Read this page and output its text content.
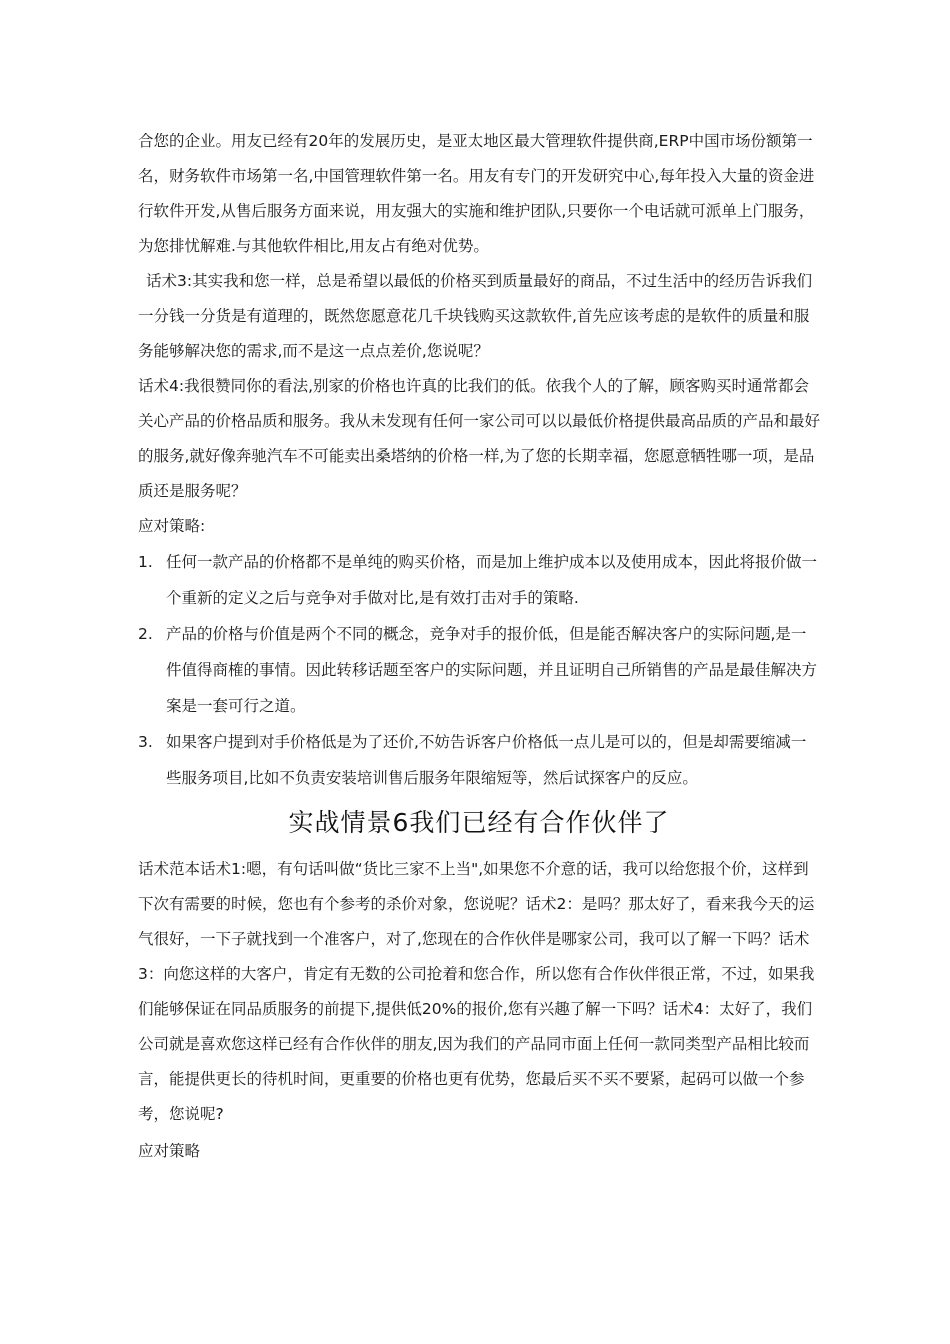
合您的企业。用友已经有20年的发展历史，是亚太地区最大管理软件提供商,ERP中国市场份额第一名，财务软件市场第一名,中国管理软件第一名。用友有专门的开发研究中心,每年投入大量的资金进行软件开发,从售后服务方面来说，用友强大的实施和维护团队,只要你一个电话就可派单上门服务，为您排忧解难.与其他软件相比,用友占有绝对优势。

话术3:其实我和您一样，总是希望以最低的价格买到质量最好的商品，不过生活中的经历告诉我们一分钱一分货是有道理的，既然您愿意花几千块钱购买这款软件,首先应该考虑的是软件的质量和服务能够解决您的需求,而不是这一点点差价,您说呢？

话术4:我很赞同你的看法,别家的价格也许真的比我们的低。依我个人的了解，顾客购买时通常都会关心产品的价格品质和服务。我从未发现有任何一家公司可以以最低价格提供最高品质的产品和最好的服务,就好像奔驰汽车不可能卖出桑塔纳的价格一样,为了您的长期幸福，您愿意牺牲哪一项，是品质还是服务呢？

应对策略:

1. 任何一款产品的价格都不是单纯的购买价格，而是加上维护成本以及使用成本，因此将报价做一个重新的定义之后与竞争对手做对比,是有效打击对手的策略.
2. 产品的价格与价值是两个不同的概念，竞争对手的报价低，但是能否解决客户的实际问题,是一件值得商榷的事情。因此转移话题至客户的实际问题，并且证明自己所销售的产品是最佳解决方案是一套可行之道。
3. 如果客户提到对手价格低是为了还价,不妨告诉客户价格低一点儿是可以的，但是却需要缩减一些服务项目,比如不负责安装培训售后服务年限缩短等，然后试探客户的反应。
实战情景6我们已经有合作伙伴了

话术范本话术1:嗯，有句话叫做“货比三家不上当",如果您不介意的话，我可以给您报个价，这样到下次有需要的时候，您也有个参考的杀价对象，您说呢？话术2：是吗？那太好了，看来我今天的运气很好，一下子就找到一个准客户，对了,您现在的合作伙伴是哪家公司，我可以了解一下吗？话术3：向您这样的大客户，肯定有无数的公司抢着和您合作，所以您有合作伙伴很正常，不过，如果我们能够保证在同品质服务的前提下,提供低20%的报价,您有兴趣了解一下吗？话术4：太好了，我们公司就是喜欢您这样已经有合作伙伴的朋友,因为我们的产品同市面上任何一款同类型产品相比较而言，能提供更长的待机时间，更重要的价格也更有优势，您最后买不买不要紧，起码可以做一个参考，您说呢?

应对策略
